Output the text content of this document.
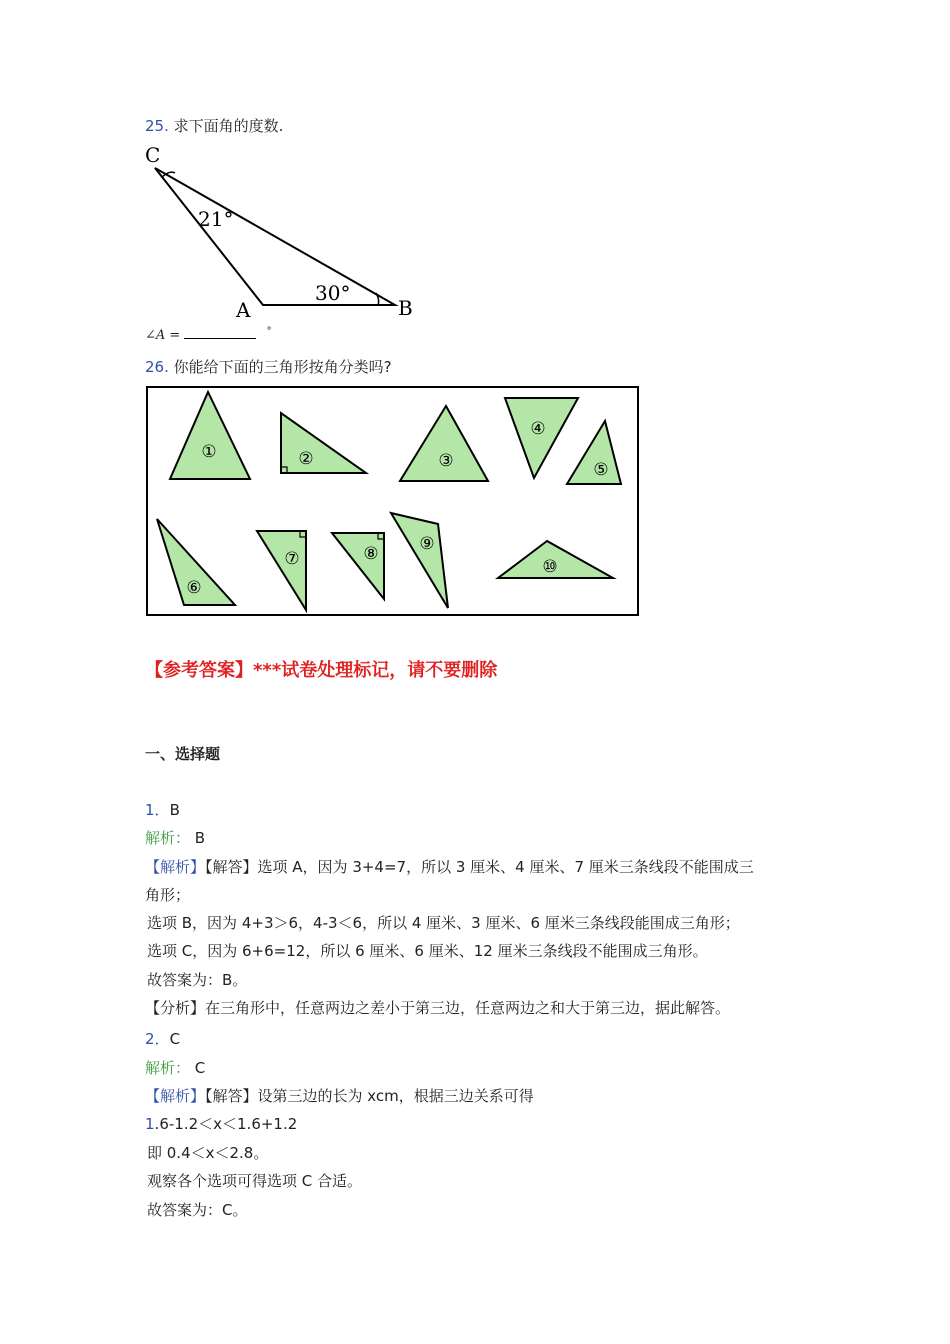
25. 求下面角的度数.
C
A	B
21°
30°
∠A =	°
26. 你能给下面的三角形按角分类吗?
①	②	③
④
⑤
⑥
⑦	⑧ ⑨
⑩
【参考答案】***试卷处理标记，请不要删除
一、选择题
1．B
解析： B
【解析】【解答】选项 A，因为 3+4=7，所以 3 厘米、4 厘米、7 厘米三条线段不能围成三
角形；
选项 B，因为 4+3＞6，4-3＜6，所以 4 厘米、3 厘米、6 厘米三条线段能围成三角形；
选项 C，因为 6+6=12，所以 6 厘米、6 厘米、12 厘米三条线段不能围成三角形。
故答案为：B。
【分析】在三角形中，任意两边之差小于第三边，任意两边之和大于第三边，据此解答。
2．C
解析： C
【解析】【解答】设第三边的长为 xcm，根据三边关系可得
1.6-1.2＜x＜1.6+1.2
即 0.4＜x＜2.8。
观察各个选项可得选项 C 合适。
故答案为：C。
